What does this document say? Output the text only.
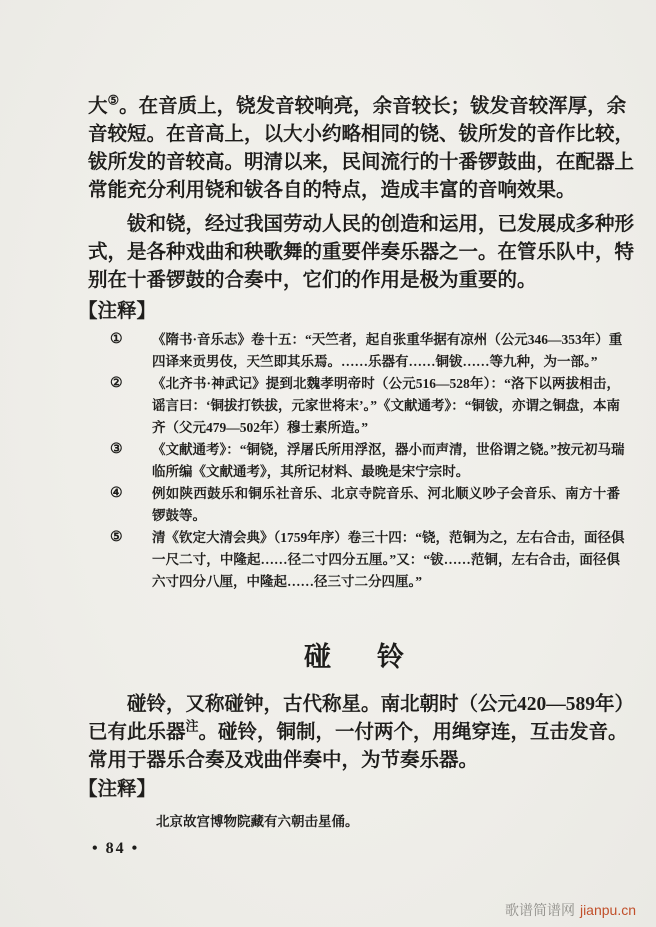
大⑤。在音质上，铙发音较响亮，余音较长；钹发音较浑厚，余
音较短。在音高上，以大小约略相同的铙、钹所发的音作比较，
钹所发的音较高。明清以来，民间流行的十番锣鼓曲，在配器上
常能充分利用铙和钹各自的特点，造成丰富的音响效果。
钹和铙，经过我国劳动人民的创造和运用，已发展成多种形
式，是各种戏曲和秧歌舞的重要伴奏乐器之一。在管乐队中，特
别在十番锣鼓的合奏中，它们的作用是极为重要的。
【注释】
①	《隋书·音乐志》卷十五：“天竺者，起自张重华据有凉州（公元346—353年）重
四译来贡男伎，天竺即其乐焉。……乐器有……铜钹……等九种，为一部。”
②	《北齐书·神武记》提到北魏孝明帝时（公元516—528年）：“洛下以两拔相击，
谣言曰：‘铜拔打铁拔，元家世将末’。”《文献通考》：“铜钹，亦谓之铜盘，本南
齐（父元479—502年）穆士素所造。”
③	《文献通考》：“铜铙，浮屠氏所用浮沤，器小而声清，世俗谓之铙。”按元初马瑞
临所编《文献通考》，其所记材料、最晚是宋宁宗时。
④	例如陕西鼓乐和铜乐社音乐、北京寺院音乐、河北顺义吵子会音乐、南方十番
锣鼓等。
⑤	清《钦定大清会典》（1759年序）卷三十四：“铙，范铜为之，左右合击，面径俱
一尺二寸，中隆起……径二寸四分五厘。”又：“钹……范铜，左右合击，面径俱
六寸四分八厘，中隆起……径三寸二分四厘。”
碰 铃
碰铃，又称碰钟，古代称星。南北朝时（公元420—589年）
已有此乐器$^注$。碰铃，铜制，一付两个，用绳穿连，互击发音。
常用于器乐合奏及戏曲伴奏中，为节奏乐器。
【注释】
北京故宫博物院藏有六朝击星俑。
• 84 •
歌谱简谱网 jianpu.cn
